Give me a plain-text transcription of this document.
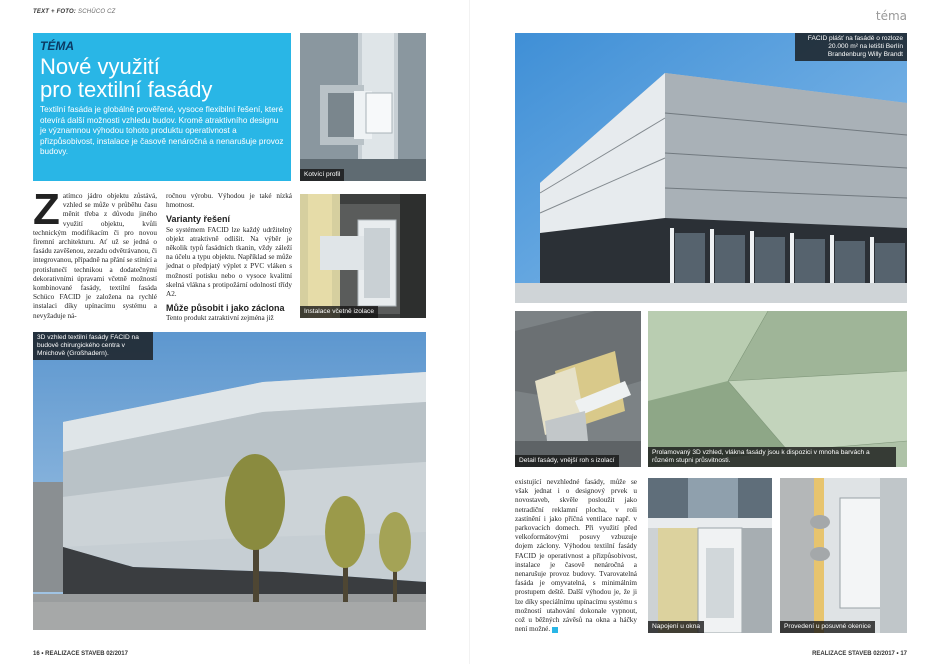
TEXT + FOTO: SCHÜCO CZ
TÉMA
Nové využití
pro textilní fasády

Textilní fasáda je globálně prověřené, vysoce flexibilní řešení, které otevírá další možnosti vzhledu budov. Kromě atraktivního designu je významnou výhodou tohoto produktu operativnost a přizpůsobivost, instalace je časově nenáročná a nenarušuje provoz budovy.

Kotvící profil
Instalace včetně izolace
Zatímco jádro objektu zůstává, vzhled se může v průběhu času měnit třeba z důvodu jiného využití objektu, kvůli technickým modifikacím či pro novou firemní architekturu. Ať už se jedná o fasádu zavěšenou, zezadu odvětrávanou, či integrovanou, případně na přání se stínící a protislunečí technikou a dodatečnými dekorativními úpravami včetně možností kombinované fasády, textilní fasáda Schüco FACID je založena na rychlé instalaci díky upínacímu systému a nevyžaduje ná-

ročnou výrobu. Výhodou je také nízká hmotnost.

Varianty řešení

Se systémem FACID lze každý udržitelný objekt atraktivně odlišit. Na výběr je několik typů fasádních tkanin, vždy záleží na účelu a typu objektu. Například se může jednat o předpjatý výplet z PVC vláken s možností potisku nebo o vysoce kvalitní skelná vlákna s protipožární odolností třídy A2.

Může působit i jako záclona

Tento produkt zatraktivní zejména již

3D vzhled textilní fasády FACID na budově chirurgického centra v Mnichově (Großhadern).
16 • REALIZACE STAVEB 02/2017
téma
FACID plášť na fasádě o rozloze 20.000 m² na letišti Berlín Brandenburg Willy Brandt
Detail fasády, vnější roh s izolací
Prolamovaný 3D vzhled, vlákna fasády jsou k dispozici v mnoha barvách a různém stupni průsvitnosti.
existující nevzhledné fasády, může se však jednat i o designový prvek u novostaveb, skvěle posloužit jako netradiční reklamní plocha, v roli zastínění i jako příčná ventilace např. v parkovacích domech. Při využití před velkoformátovými posuvy vzbuzuje dojem záclony. Výhodou textilní fasády FACID je operativnost a přizpůsobivost, instalace je časově nenáročná a nenarušuje provoz budovy. Tvarovatelná fasáda je omyvatelná, s minimálním prostupem deště. Další výhodou je, že ji lze díky speciálnímu upínacímu systému s možností utahování dokonale vypnout, což u běžných závěsů na okna a háčky není možné.	Napojení u okna	Provedení u posuvné okenice
REALIZACE STAVEB 02/2017 • 17
